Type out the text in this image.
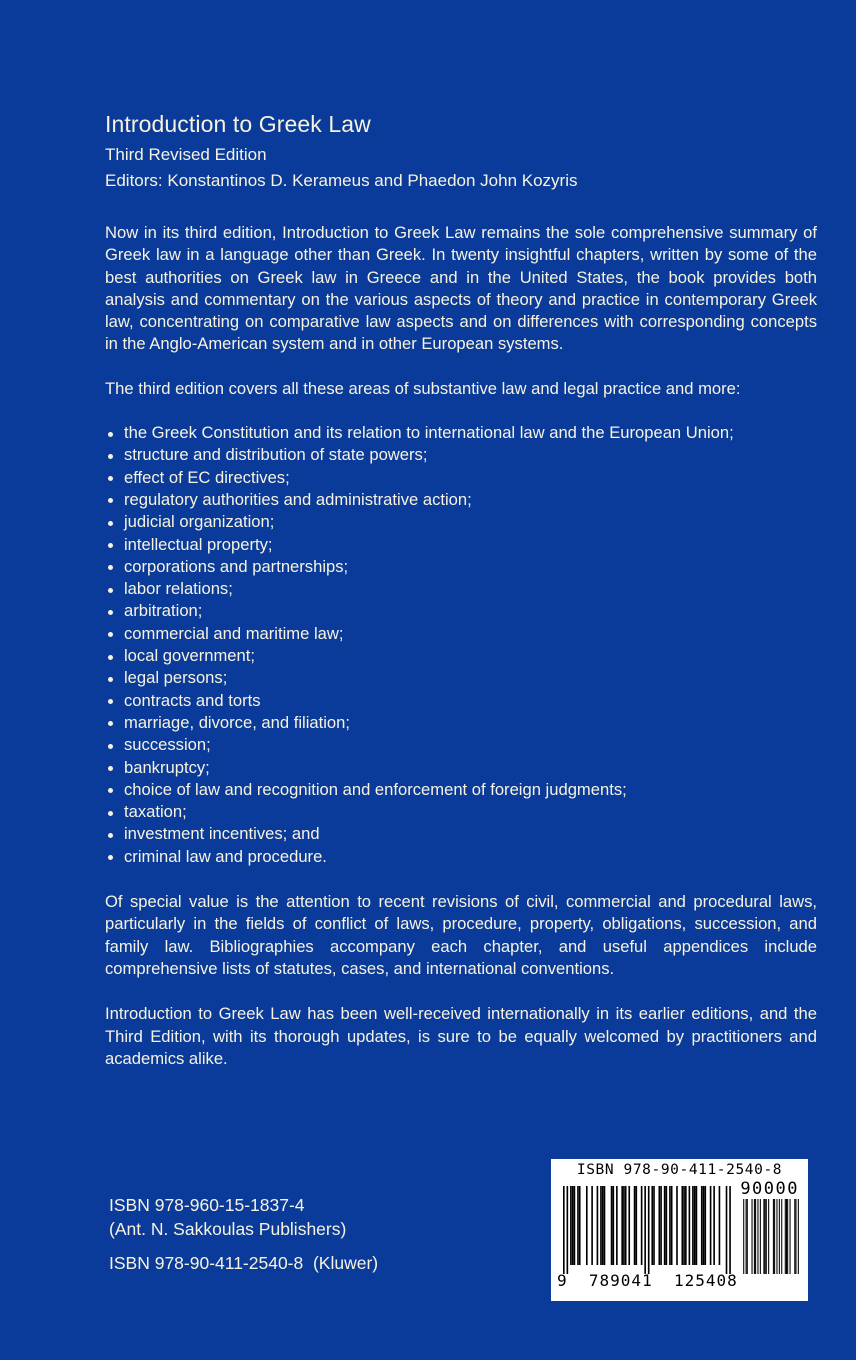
Introduction to Greek Law
Third Revised Edition
Editors: Konstantinos D. Kerameus and Phaedon John Kozyris

Now in its third edition, Introduction to Greek Law remains the sole comprehensive summary of Greek law in a language other than Greek. In twenty insightful chapters, written by some of the best authorities on Greek law in Greece and in the United States, the book provides both analysis and commentary on the various aspects of theory and practice in contemporary Greek law, concentrating on comparative law aspects and on differences with corresponding concepts in the Anglo-American system and in other European systems.

The third edition covers all these areas of substantive law and legal practice and more:

the Greek Constitution and its relation to international law and the European Union;
structure and distribution of state powers;
effect of EC directives;
regulatory authorities and administrative action;
judicial organization;
intellectual property;
corporations and partnerships;
labor relations;
arbitration;
commercial and maritime law;
local government;
legal persons;
contracts and torts
marriage, divorce, and filiation;
succession;
bankruptcy;
choice of law and recognition and enforcement of foreign judgments;
taxation;
investment incentives; and
criminal law and procedure.

Of special value is the attention to recent revisions of civil, commercial and procedural laws, particularly in the fields of conflict of laws, procedure, property, obligations, succession, and family law. Bibliographies accompany each chapter, and useful appendices include comprehensive lists of statutes, cases, and international conventions.

Introduction to Greek Law has been well-received internationally in its earlier editions, and the Third Edition, with its thorough updates, is sure to be equally welcomed by practitioners and academics alike.

ISBN 978-960-15-1837-4
(Ant. N. Sakkoulas Publishers)
ISBN 978-90-411-2540-8  (Kluwer)
ISBN 978-90-411-2540-8
90000
9  789041  125408
